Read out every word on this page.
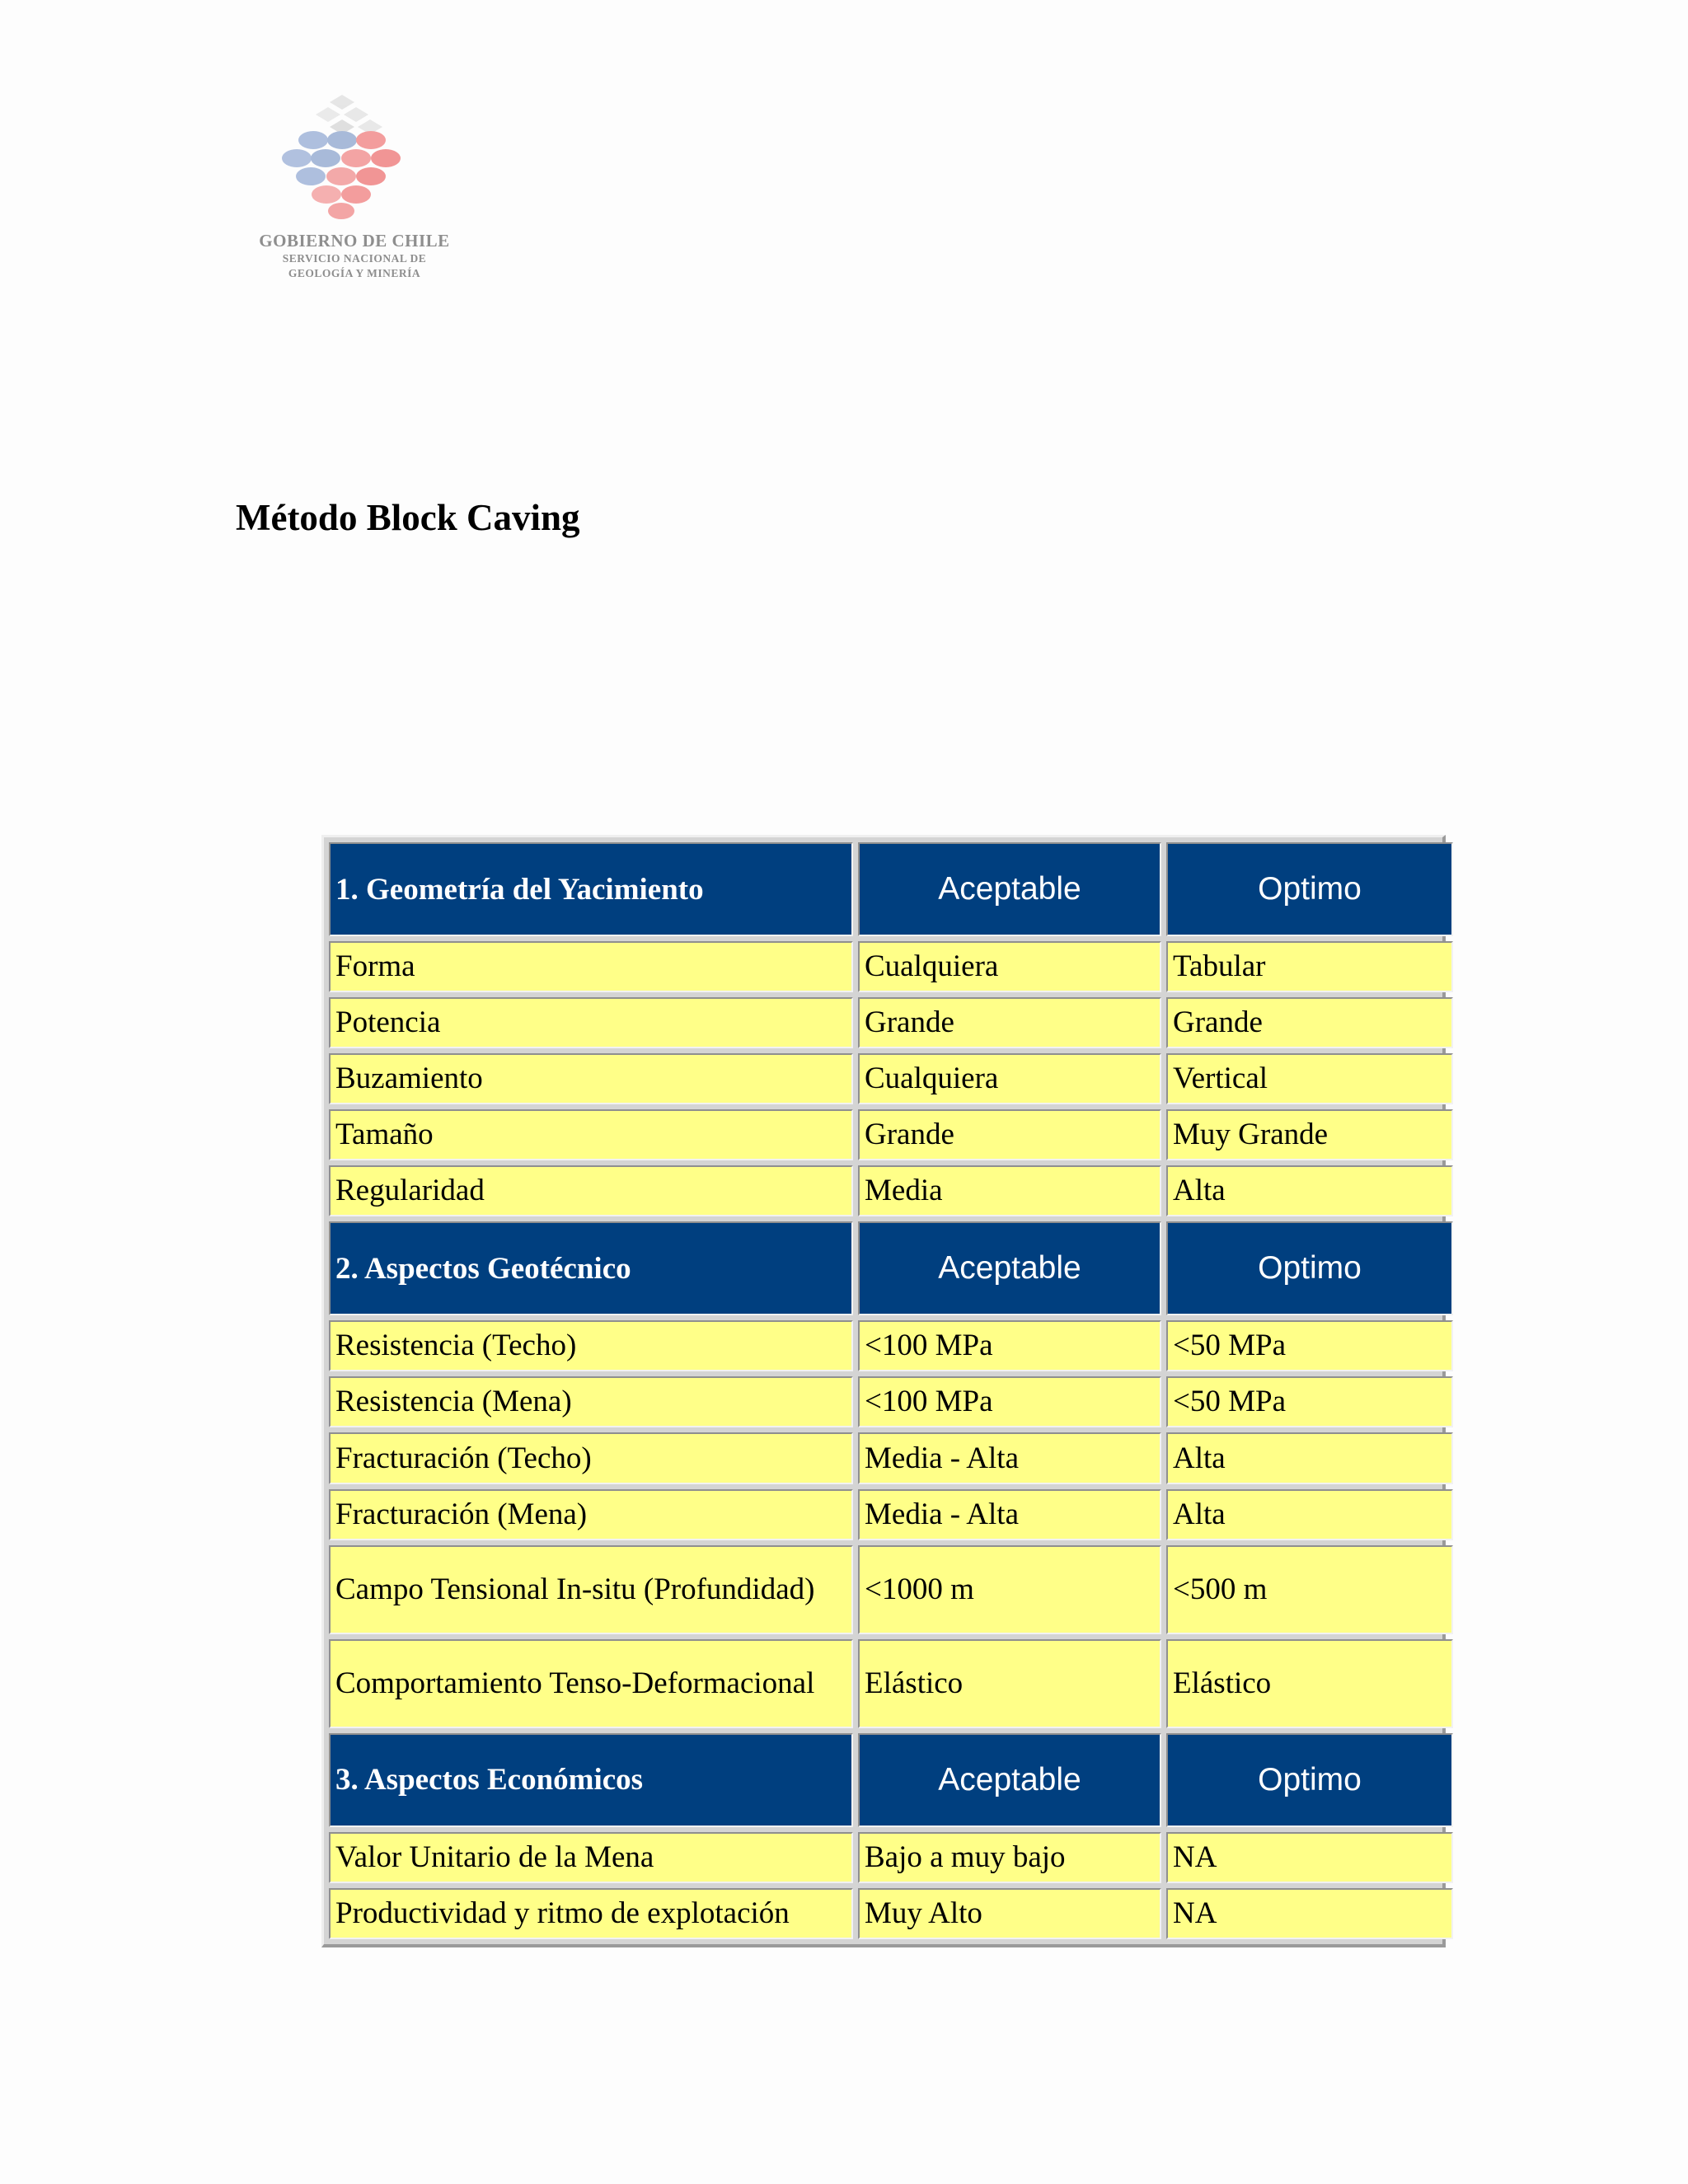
GOBIERNO DE CHILE
SERVICIO NACIONAL DE
GEOLOGÍA Y MINERÍA
Método Block Caving
1. Geometría del Yacimiento	Aceptable	Optimo
Forma	Cualquiera	Tabular
Potencia	Grande	Grande
Buzamiento	Cualquiera	Vertical
Tamaño	Grande	Muy Grande
Regularidad	Media	Alta
2. Aspectos Geotécnico	Aceptable	Optimo
Resistencia (Techo)	<100 MPa	<50 MPa
Resistencia (Mena)	<100 MPa	<50 MPa
Fracturación (Techo)	Media - Alta	Alta
Fracturación (Mena)	Media - Alta	Alta
Campo Tensional In-situ (Profundidad)	<1000 m	<500 m
Comportamiento Tenso-Deformacional	Elástico	Elástico
3. Aspectos Económicos	Aceptable	Optimo
Valor Unitario de la Mena	Bajo a muy bajo	NA
Productividad y ritmo de explotación	Muy Alto	NA
